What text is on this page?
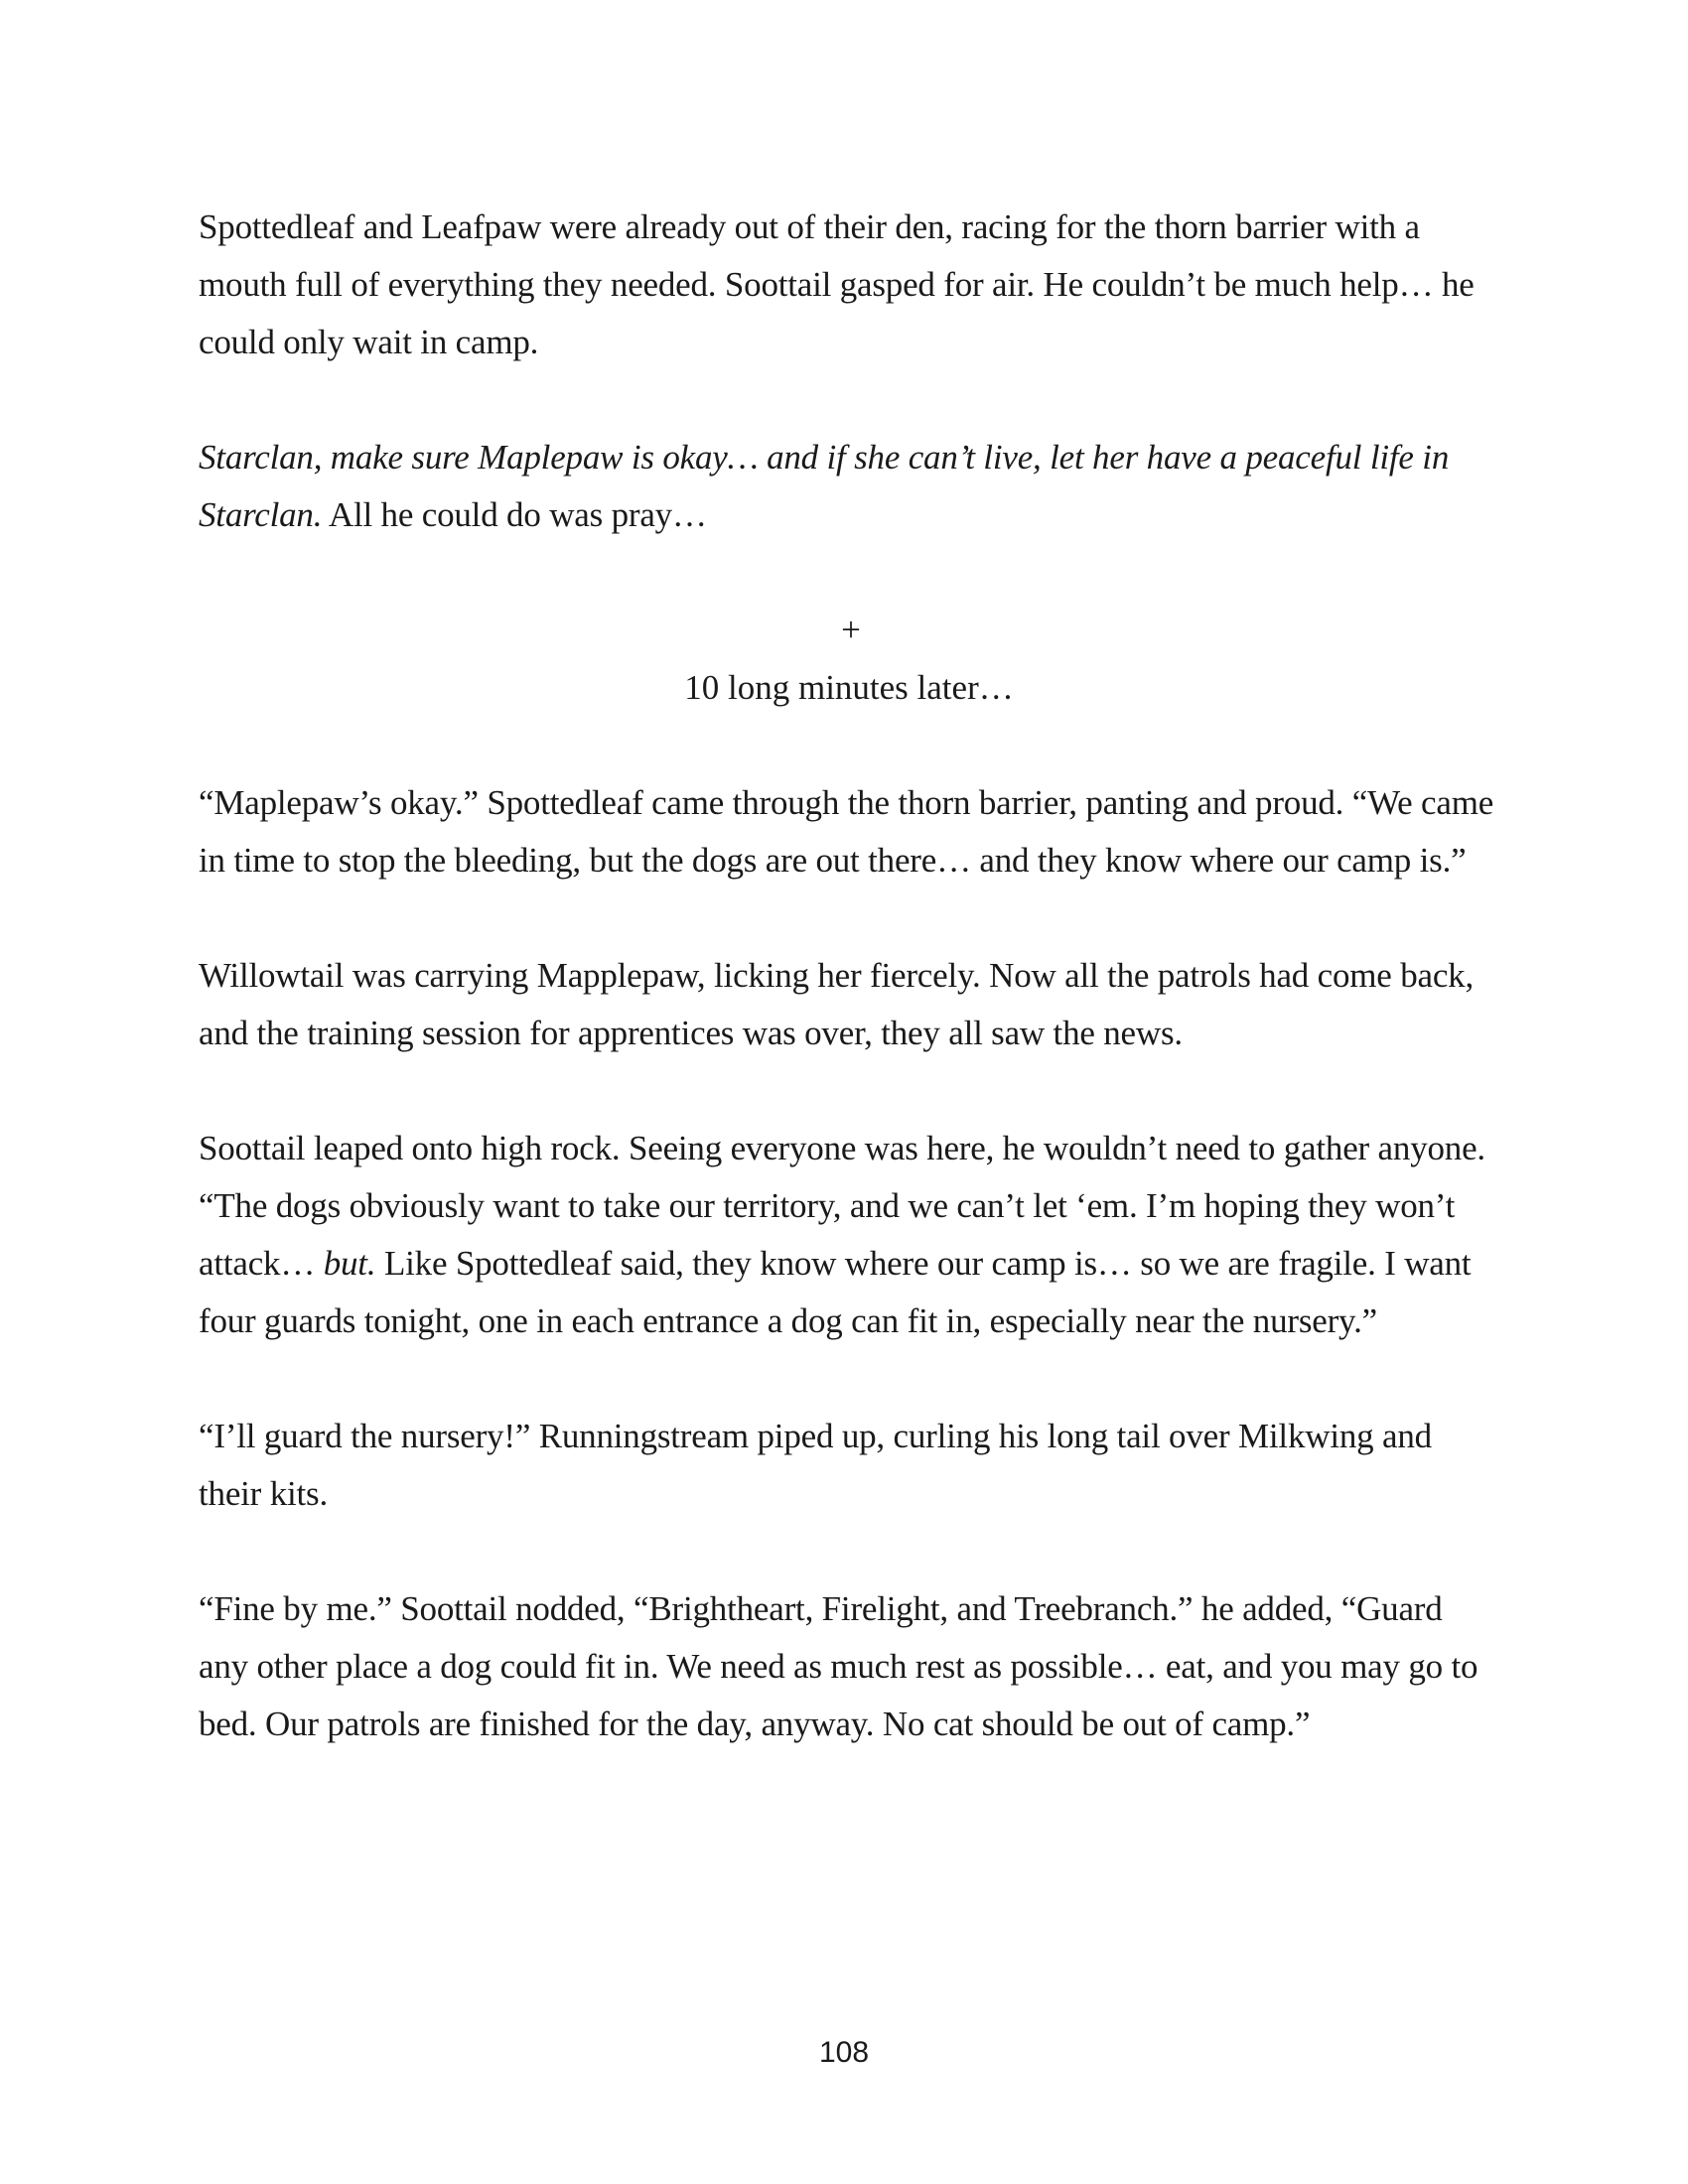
Spottedleaf and Leafpaw were already out of their den, racing for the thorn barrier with a mouth full of everything they needed. Soottail gasped for air. He couldn’t be much help… he could only wait in camp.

Starclan, make sure Maplepaw is okay… and if she can’t live, let her have a peaceful life in Starclan. All he could do was pray…

+

10 long minutes later…

“Maplepaw’s okay.” Spottedleaf came through the thorn barrier, panting and proud. “We came in time to stop the bleeding, but the dogs are out there… and they know where our camp is.”

Willowtail was carrying Mapplepaw, licking her fiercely. Now all the patrols had come back, and the training session for apprentices was over, they all saw the news.

Soottail leaped onto high rock. Seeing everyone was here, he wouldn’t need to gather anyone. “The dogs obviously want to take our territory, and we can’t let ‘em. I’m hoping they won’t attack… but. Like Spottedleaf said, they know where our camp is… so we are fragile. I want four guards tonight, one in each entrance a dog can fit in, especially near the nursery.”

“I’ll guard the nursery!” Runningstream piped up, curling his long tail over Milkwing and their kits.

“Fine by me.” Soottail nodded, “Brightheart, Firelight, and Treebranch.” he added, “Guard any other place a dog could fit in. We need as much rest as possible… eat, and you may go to bed. Our patrols are finished for the day, anyway. No cat should be out of camp.”

108
